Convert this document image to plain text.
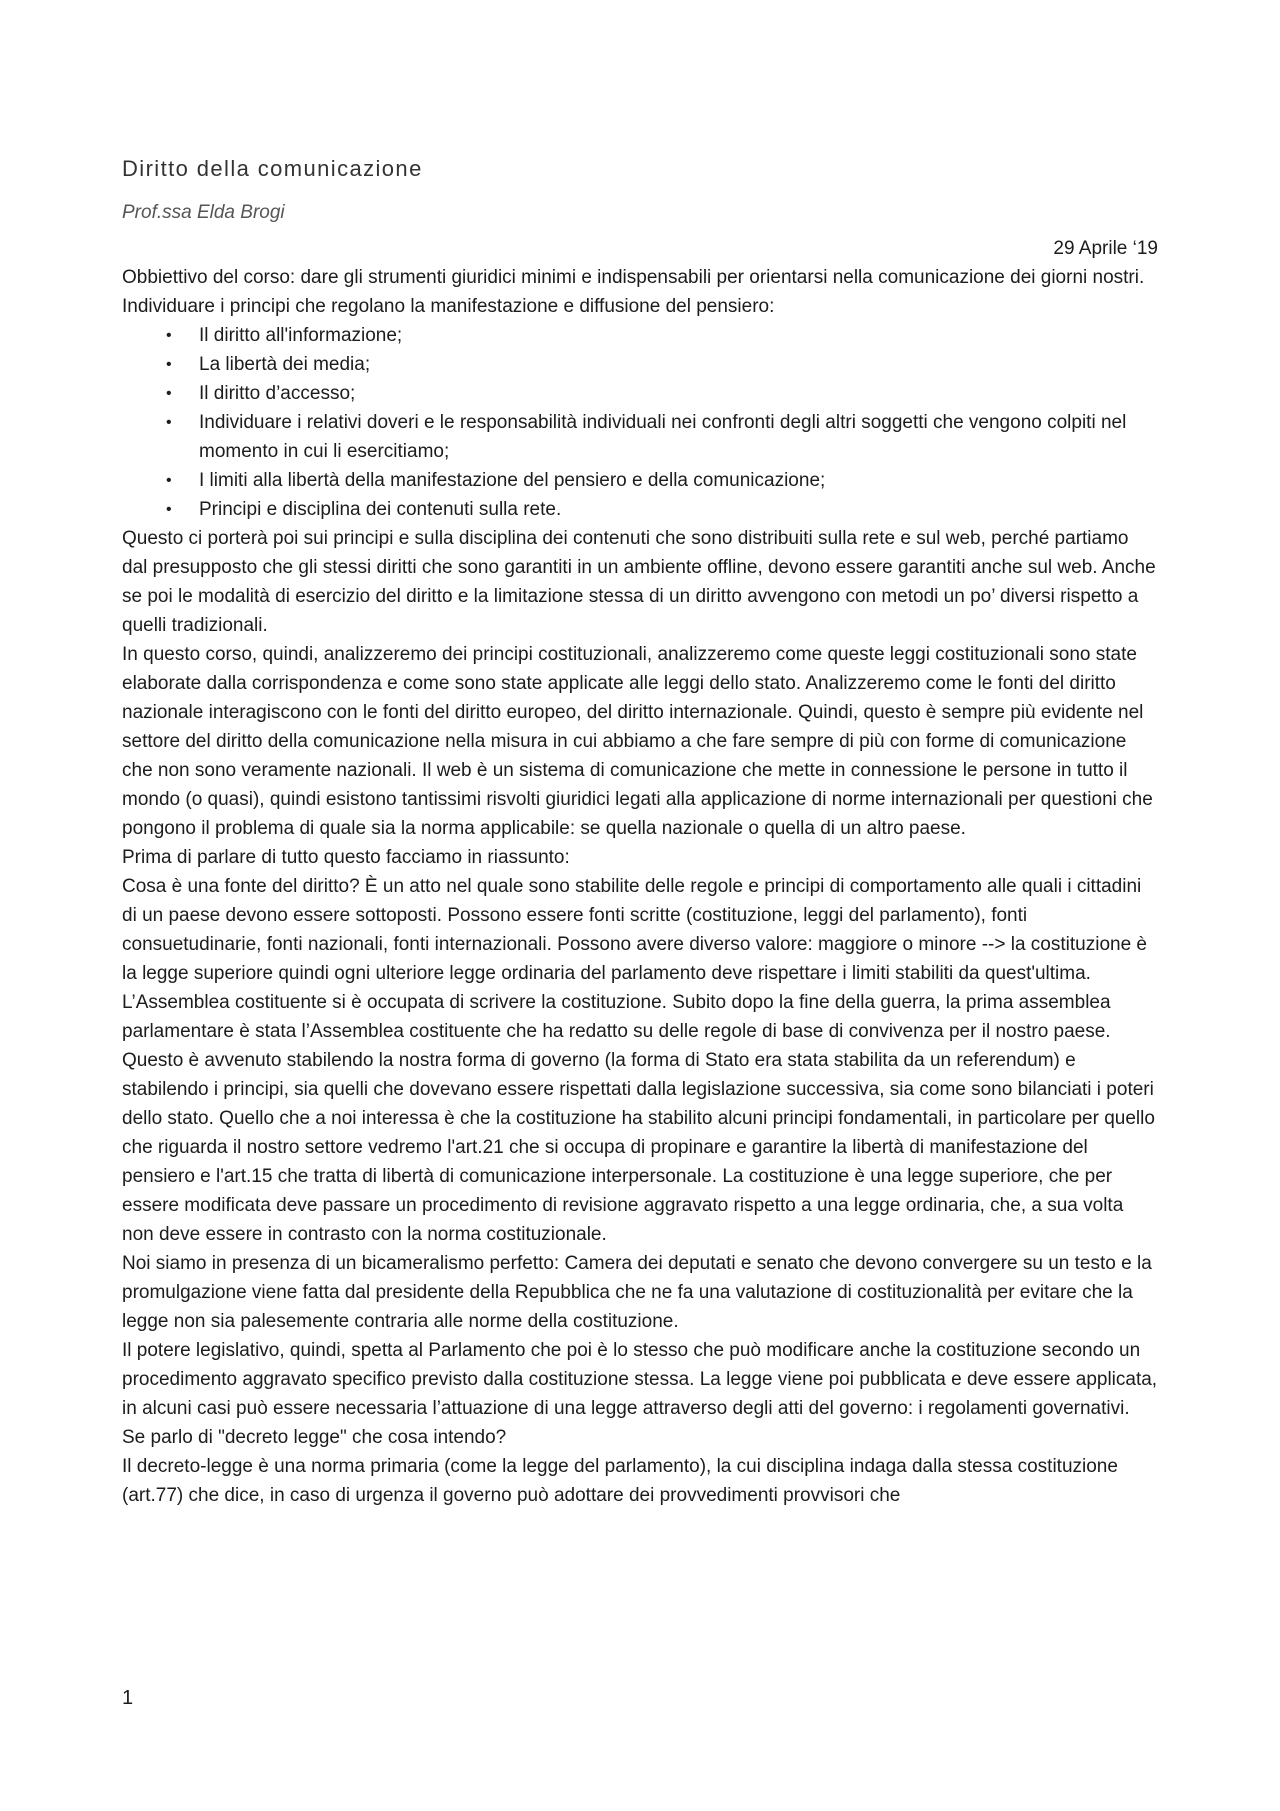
Diritto della comunicazione
Prof.ssa Elda Brogi
29 Aprile ‘19

Obbiettivo del corso: dare gli strumenti giuridici minimi e indispensabili per orientarsi nella comunicazione dei giorni nostri. Individuare i principi che regolano la manifestazione e diffusione del pensiero:

• Il diritto all'informazione;
• La libertà dei media;
• Il diritto d’accesso;
• Individuare i relativi doveri e le responsabilità individuali nei confronti degli altri soggetti che vengono colpiti nel momento in cui li esercitiamo;
• I limiti alla libertà della manifestazione del pensiero e della comunicazione;
• Principi e disciplina dei contenuti sulla rete.

Questo ci porterà poi sui principi e sulla disciplina dei contenuti che sono distribuiti sulla rete e sul web, perché partiamo dal presupposto che gli stessi diritti che sono garantiti in un ambiente offline, devono essere garantiti anche sul web. Anche se poi le modalità di esercizio del diritto e la limitazione stessa di un diritto avvengono con metodi un po’ diversi rispetto a quelli tradizionali.

In questo corso, quindi, analizzeremo dei principi costituzionali, analizzeremo come queste leggi costituzionali sono state elaborate dalla corrispondenza e come sono state applicate alle leggi dello stato. Analizzeremo come le fonti del diritto nazionale interagiscono con le fonti del diritto europeo, del diritto internazionale. Quindi, questo è sempre più evidente nel settore del diritto della comunicazione nella misura in cui abbiamo a che fare sempre di più con forme di comunicazione che non sono veramente nazionali. Il web è un sistema di comunicazione che mette in connessione le persone in tutto il mondo (o quasi), quindi esistono tantissimi risvolti giuridici legati alla applicazione di norme internazionali per questioni che pongono il problema di quale sia la norma applicabile: se quella nazionale o quella di un altro paese.

Prima di parlare di tutto questo facciamo in riassunto:

Cosa è una fonte del diritto? È un atto nel quale sono stabilite delle regole e principi di comportamento alle quali i cittadini di un paese devono essere sottoposti. Possono essere fonti scritte (costituzione, leggi del parlamento), fonti consuetudinarie, fonti nazionali, fonti internazionali. Possono avere diverso valore: maggiore o minore --> la costituzione è la legge superiore quindi ogni ulteriore legge ordinaria del parlamento deve rispettare i limiti stabiliti da quest'ultima. L’Assemblea costituente si è occupata di scrivere la costituzione. Subito dopo la fine della guerra, la prima assemblea parlamentare è stata l’Assemblea costituente che ha redatto su delle regole di base di convivenza per il nostro paese. Questo è avvenuto stabilendo la nostra forma di governo (la forma di Stato era stata stabilita da un referendum) e stabilendo i principi, sia quelli che dovevano essere rispettati dalla legislazione successiva, sia come sono bilanciati i poteri dello stato. Quello che a noi interessa è che la costituzione ha stabilito alcuni principi fondamentali, in particolare per quello che riguarda il nostro settore vedremo l'art.21 che si occupa di propinare e garantire la libertà di manifestazione del pensiero e l'art.15 che tratta di libertà di comunicazione interpersonale. La costituzione è una legge superiore, che per essere modificata deve passare un procedimento di revisione aggravato rispetto a una legge ordinaria, che, a sua volta non deve essere in contrasto con la norma costituzionale.

Noi siamo in presenza di un bicameralismo perfetto: Camera dei deputati e senato che devono convergere su un testo e la promulgazione viene fatta dal presidente della Repubblica che ne fa una valutazione di costituzionalità per evitare che la legge non sia palesemente contraria alle norme della costituzione.

Il potere legislativo, quindi, spetta al Parlamento che poi è lo stesso che può modificare anche la costituzione secondo un procedimento aggravato specifico previsto dalla costituzione stessa. La legge viene poi pubblicata e deve essere applicata, in alcuni casi può essere necessaria l’attuazione di una legge attraverso degli atti del governo: i regolamenti governativi.

Se parlo di "decreto legge" che cosa intendo?

Il decreto-legge è una norma primaria (come la legge del parlamento), la cui disciplina indaga dalla stessa costituzione (art.77) che dice, in caso di urgenza il governo può adottare dei provvedimenti provvisori che

1
